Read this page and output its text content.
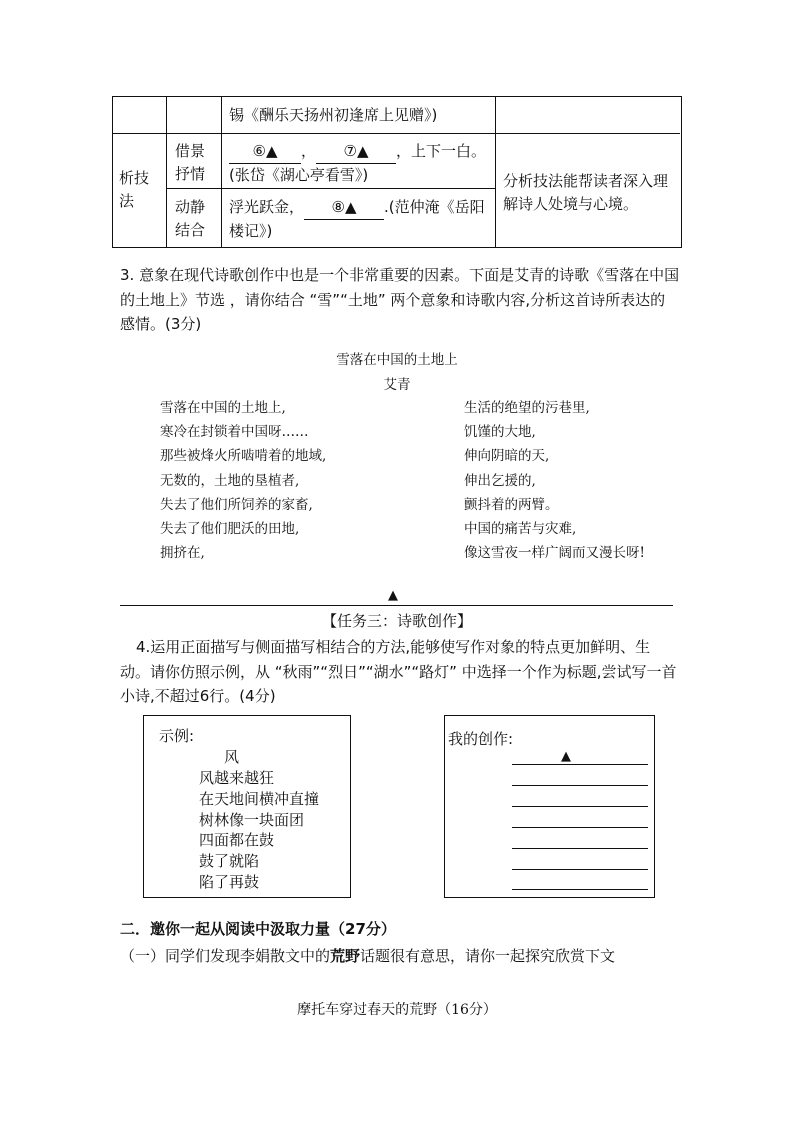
锡《酬乐天扬州初逢席上见赠》)
析技法
借景抒情
⑥▲ ， ⑦▲ ，上下一白。
(张岱《湖心亭看雪》)
动静结合
浮光跃金， ⑧▲ .(范仲淹《岳阳楼记》)
分析技法能帮读者深入理解诗人处境与心境。
3. 意象在现代诗歌创作中也是一个非常重要的因素。下面是艾青的诗歌《雪落在中国的土地上》节选 ，请你结合 “雪”“土地” 两个意象和诗歌内容,分析这首诗所表达的感情。(3分)
雪落在中国的土地上
艾青
雪落在中国的土地上,
寒冷在封锁着中国呀……
那些被烽火所啮啃着的地域,
无数的，土地的垦植者,
失去了他们所饲养的家畜,
失去了他们肥沃的田地,
拥挤在,
生活的绝望的污巷里,
饥馑的大地,
伸向阴暗的天,
伸出乞援的,
颤抖着的两臂。
中国的痛苦与灾难,
像这雪夜一样广阔而又漫长呀!
▲
【任务三：诗歌创作】
4.运用正面描写与侧面描写相结合的方法,能够使写作对象的特点更加鲜明、生动。请你仿照示例，从 “秋雨”“烈日”“湖水”“路灯” 中选择一个作为标题,尝试写一首小诗,不超过6行。(4分)
示例:
风
风越来越狂
在天地间横冲直撞
树林像一块面团
四面都在鼓
鼓了就陷
陷了再鼓
我的创作:
▲
二．邀你一起从阅读中汲取力量（27分）
（一）同学们发现李娟散文中的荒野话题很有意思，请你一起探究欣赏下文
摩托车穿过春天的荒野（16分）
